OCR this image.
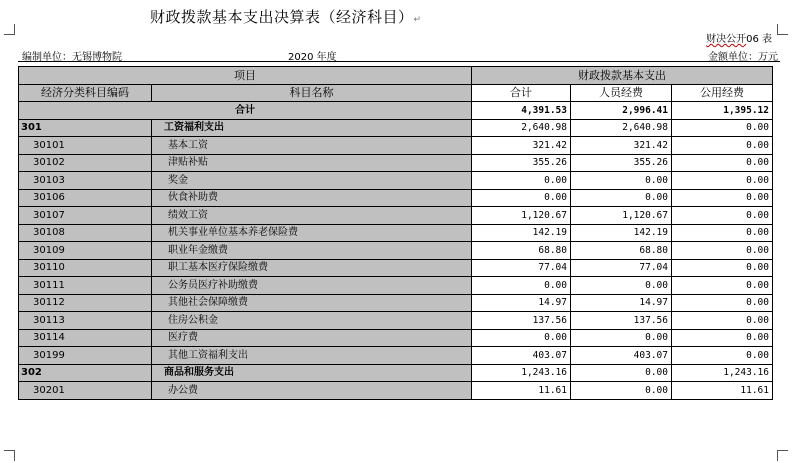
财政拨款基本支出决算表（经济科目）↵
财决公开06 表
编制单位：无锡博物院	2020 年度	金额单位：万元
项目		财政拨款基本支出		
经济分类科目编码	科目名称	合计	人员经费	公用经费
合计		4,391.53	2,996.41	1,395.12
301	工资福利支出	2,640.98	2,640.98	0.00
30101	基本工资	321.42	321.42	0.00
30102	津贴补贴	355.26	355.26	0.00
30103	奖金	0.00	0.00	0.00
30106	伙食补助费	0.00	0.00	0.00
30107	绩效工资	1,120.67	1,120.67	0.00
30108	机关事业单位基本养老保险费	142.19	142.19	0.00
30109	职业年金缴费	68.80	68.80	0.00
30110	职工基本医疗保险缴费	77.04	77.04	0.00
30111	公务员医疗补助缴费	0.00	0.00	0.00
30112	其他社会保障缴费	14.97	14.97	0.00
30113	住房公积金	137.56	137.56	0.00
30114	医疗费	0.00	0.00	0.00
30199	其他工资福利支出	403.07	403.07	0.00
302	商品和服务支出	1,243.16	0.00	1,243.16
30201	办公费	11.61	0.00	11.61
